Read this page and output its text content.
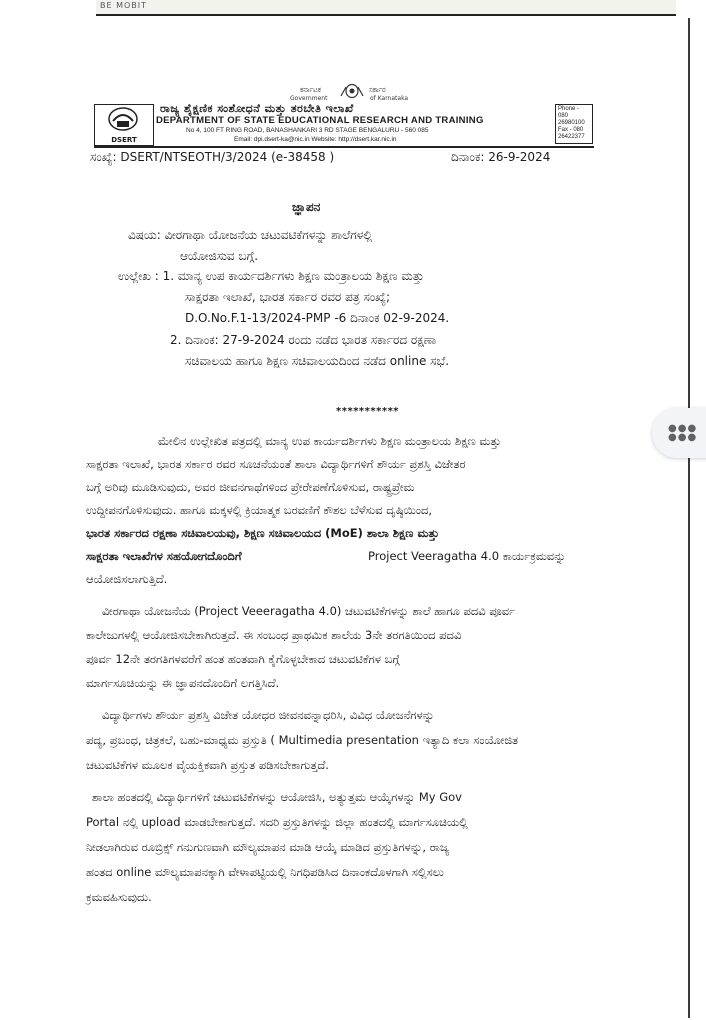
BE MOBIT
ಕರ್ನಾಟಕ	ಸರ್ಕಾರ
Government	of Karnataka
DSERT
ರಾಜ್ಯ ಶೈಕ್ಷಣಿಕ ಸಂಶೋಧನೆ ಮತ್ತು ತರಬೇತಿ ಇಲಾಖೆ
DEPARTMENT OF STATE EDUCATIONAL RESEARCH AND TRAINING
No 4, 100 FT RING ROAD, BANASHANKARI 3 RD STAGE BENGALURU - 560 085
Email: dpi.dsert-ka@nic.in Website: http://dsert.kar.nic.in
Phone - 080
26980100
Fax - 080
26422377
ಸಂಖ್ಯೆ: DSERT/NTSEOTH/3/2024 (e-38458 )	ದಿನಾಂಕ: 26-9-2024
ಜ್ಞಾಪನ
ವಿಷಯ: ವೀರಗಾಥಾ ಯೋಜನೆಯ ಚಟುವಟಿಕೆಗಳನ್ನು ಶಾಲೆಗಳಲ್ಲಿ
ಆಯೋಜಿಸುವ ಬಗ್ಗೆ.
ಉಲ್ಲೇಖ : 1. ಮಾನ್ಯ ಉಪ ಕಾರ್ಯದರ್ಶಿಗಳು ಶಿಕ್ಷಣ ಮಂತ್ರಾಲಯ ಶಿಕ್ಷಣ ಮತ್ತು
ಸಾಕ್ಷರತಾ ಇಲಾಖೆ, ಭಾರತ ಸರ್ಕಾರ ರವರ ಪತ್ರ ಸಂಖ್ಯೆ;
D.O.No.F.1-13/2024-PMP -6 ದಿನಾಂಕ 02-9-2024.
2. ದಿನಾಂಕ: 27-9-2024 ರಂದು ನಡೆದ ಭಾರತ ಸರ್ಕಾರದ ರಕ್ಷಣಾ
ಸಚಿವಾಲಯ ಹಾಗೂ ಶಿಕ್ಷಣ ಸಚಿವಾಲಯದಿಂದ ನಡೆದ online ಸಭೆ.
***********
ಮೇಲಿನ ಉಲ್ಲೇಖಿತ ಪತ್ರದಲ್ಲಿ ಮಾನ್ಯ ಉಪ ಕಾರ್ಯದರ್ಶಿಗಳು ಶಿಕ್ಷಣ ಮಂತ್ರಾಲಯ ಶಿಕ್ಷಣ ಮತ್ತು
ಸಾಕ್ಷರತಾ ಇಲಾಖೆ, ಭಾರತ ಸರ್ಕಾರ ರವರ ಸೂಚನೆಯಂತೆ ಶಾಲಾ ವಿದ್ಯಾರ್ಥಿಗಳಿಗೆ ಶೌರ್ಯ ಪ್ರಶಸ್ತಿ ವಿಜೇತರ
ಬಗ್ಗೆ ಅರಿವು ಮೂಡಿಸುವುದು, ಅವರ ಜೀವನಗಾಥೆಗಳಿಂದ ಪ್ರೇರೇಪಣೆಗೊಳಿಸುವ, ರಾಷ್ಟ್ರಪ್ರೇಮ
ಉದ್ದೀಪನಗೊಳಿಸುವುದು. ಹಾಗೂ ಮಕ್ಕಳಲ್ಲಿ ಕ್ರಿಯಾತ್ಮಕ ಬರವಣಿಗೆ ಕೌಶಲ ಬೆಳೆಸುವ ದೃಷ್ಠಿಯಿಂದ,
ಭಾರತ ಸರ್ಕಾರದ ರಕ್ಷಣಾ ಸಚಿವಾಲಯವು, ಶಿಕ್ಷಣ ಸಚಿವಾಲಯದ (MoE) ಶಾಲಾ ಶಿಕ್ಷಣ ಮತ್ತು
ಸಾಕ್ಷರತಾ ಇಲಾಖೆಗಳ ಸಹಯೋಗದೊಂದಿಗೆ	Project Veeragatha 4.0 ಕಾರ್ಯಕ್ರಮವನ್ನು
ಆಯೋಜಿಸಲಾಗುತ್ತಿದೆ.
ವೀರಗಾಥಾ ಯೋಜನೆಯ (Project Veeeragatha 4.0) ಚಟುವಟಿಕೆಗಳನ್ನು ಶಾಲೆ ಹಾಗೂ ಪದವಿ ಪೂರ್ವ
ಕಾಲೇಜುಗಳಲ್ಲಿ ಆಯೋಜಿಸಬೇಕಾಗಿರುತ್ತದೆ. ಈ ಸಂಬಂಧ ಪ್ರಾಥಮಿಕ ಶಾಲೆಯ 3ನೇ ತರಗತಿಯಿಂದ ಪದವಿ
ಪೂರ್ವ 12ನೇ ತರಗತಿಗಳವರೆಗೆ ಹಂತ ಹಂತವಾಗಿ ಕೈಗೊಳ್ಳಬೇಕಾದ ಚಟುವಟಿಕೆಗಳ ಬಗ್ಗೆ
ಮಾರ್ಗಸೂಚಿಯನ್ನು ಈ ಜ್ಞಾಪನದೊಂದಿಗೆ ಲಗತ್ತಿಸಿದೆ.
ವಿದ್ಯಾರ್ಥಿಗಳು ಶೌರ್ಯ ಪ್ರಶಸ್ತಿ ವಿಜೇತ ಯೋಧರ ಜೀವನವನ್ನಾಧರಿಸಿ, ವಿವಿಧ ಯೋಜನೆಗಳನ್ನು
ಪದ್ಯ, ಪ್ರಬಂಧ, ಚಿತ್ರಕಲೆ, ಬಹು-ಮಾಧ್ಯಮ ಪ್ರಸ್ತುತಿ ( Multimedia presentation ಇತ್ಯಾದಿ ಕಲಾ ಸಂಯೋಜಿತ
ಚಟುವಟಿಕೆಗಳ ಮೂಲಕ ವೈಯಕ್ತಿಕವಾಗಿ ಪ್ರಸ್ತುತ ಪಡಿಸಬೇಕಾಗುತ್ತದೆ.
ಶಾಲಾ ಹಂತದಲ್ಲಿ ವಿದ್ಯಾರ್ಥಿಗಳಿಗೆ ಚಟುವಟಿಕೆಗಳನ್ನು ಆಯೋಜಿಸಿ, ಅತ್ಯುತ್ತಮ ಆಯ್ಕೆಗಳನ್ನು My Gov
Portal ನಲ್ಲಿ upload ಮಾಡಬೇಕಾಗುತ್ತದೆ. ಸದರಿ ಪ್ರಸ್ತುತಿಗಳನ್ನು ಜಿಲ್ಲಾ ಹಂತದಲ್ಲಿ ಮಾರ್ಗಸೂಚಿಯಲ್ಲಿ
ನೀಡಲಾಗಿರುವ ರೂಬ್ರಿಕ್ಸ್ ಗನುಗುಣವಾಗಿ ಮೌಲ್ಯಮಾಪನ ಮಾಡಿ ಆಯ್ಕೆ ಮಾಡಿದ ಪ್ರಸ್ತುತಿಗಳನ್ನು, ರಾಜ್ಯ
ಹಂತದ online ಮೌಲ್ಯಮಾಪನಕ್ಕಾಗಿ ವೇಳಾಪಟ್ಟಿಯಲ್ಲಿ ನಿಗಧಿಪಡಿಸಿದ ದಿನಾಂಕದೊಳಗಾಗಿ ಸಲ್ಲಿಸಲು
ಕ್ರಮವಹಿಸುವುದು.
●●●
●●●
